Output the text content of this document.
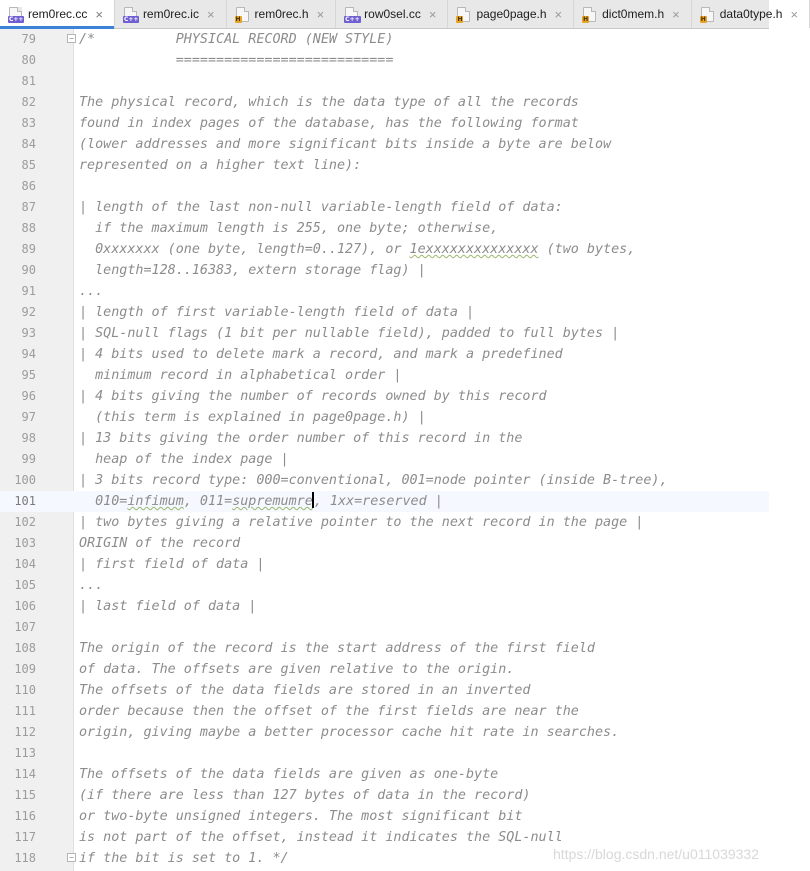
C++ rem0rec.cc ×	C++ rem0rec.ic ×	H rem0rec.h ×	C++ row0sel.cc ×	H page0page.h ×	H dict0mem.h ×	H data0type.h ×
79	− /*          PHYSICAL RECORD (NEW STYLE)
80	===========================
81
82	The physical record, which is the data type of all the records
83	found in index pages of the database, has the following format
84	(lower addresses and more significant bits inside a byte are below
85	represented on a higher text line):
86
87	| length of the last non-null variable-length field of data:
88	if the maximum length is 255, one byte; otherwise,
89	0xxxxxxx (one byte, length=0..127), or 1exxxxxxxxxxxxxx (two bytes,
90	length=128..16383, extern storage flag) |
91	...
92	| length of first variable-length field of data |
93	| SQL-null flags (1 bit per nullable field), padded to full bytes |
94	| 4 bits used to delete mark a record, and mark a predefined
95	minimum record in alphabetical order |
96	| 4 bits giving the number of records owned by this record
97	(this term is explained in page0page.h) |
98	| 13 bits giving the order number of this record in the
99	heap of the index page |
100	| 3 bits record type: 000=conventional, 001=node pointer (inside B-tree),
101	010=infimum, 011=supremumre, 1xx=reserved |
102	| two bytes giving a relative pointer to the next record in the page |
103	ORIGIN of the record
104	| first field of data |
105	...
106	| last field of data |
107
108	The origin of the record is the start address of the first field
109	of data. The offsets are given relative to the origin.
110	The offsets of the data fields are stored in an inverted
111	order because then the offset of the first fields are near the
112	origin, giving maybe a better processor cache hit rate in searches.
113
114	The offsets of the data fields are given as one-byte
115	(if there are less than 127 bytes of data in the record)
116	or two-byte unsigned integers. The most significant bit
117	is not part of the offset, instead it indicates the SQL-null
118	− if the bit is set to 1. */	https://blog.csdn.net/u011039332
